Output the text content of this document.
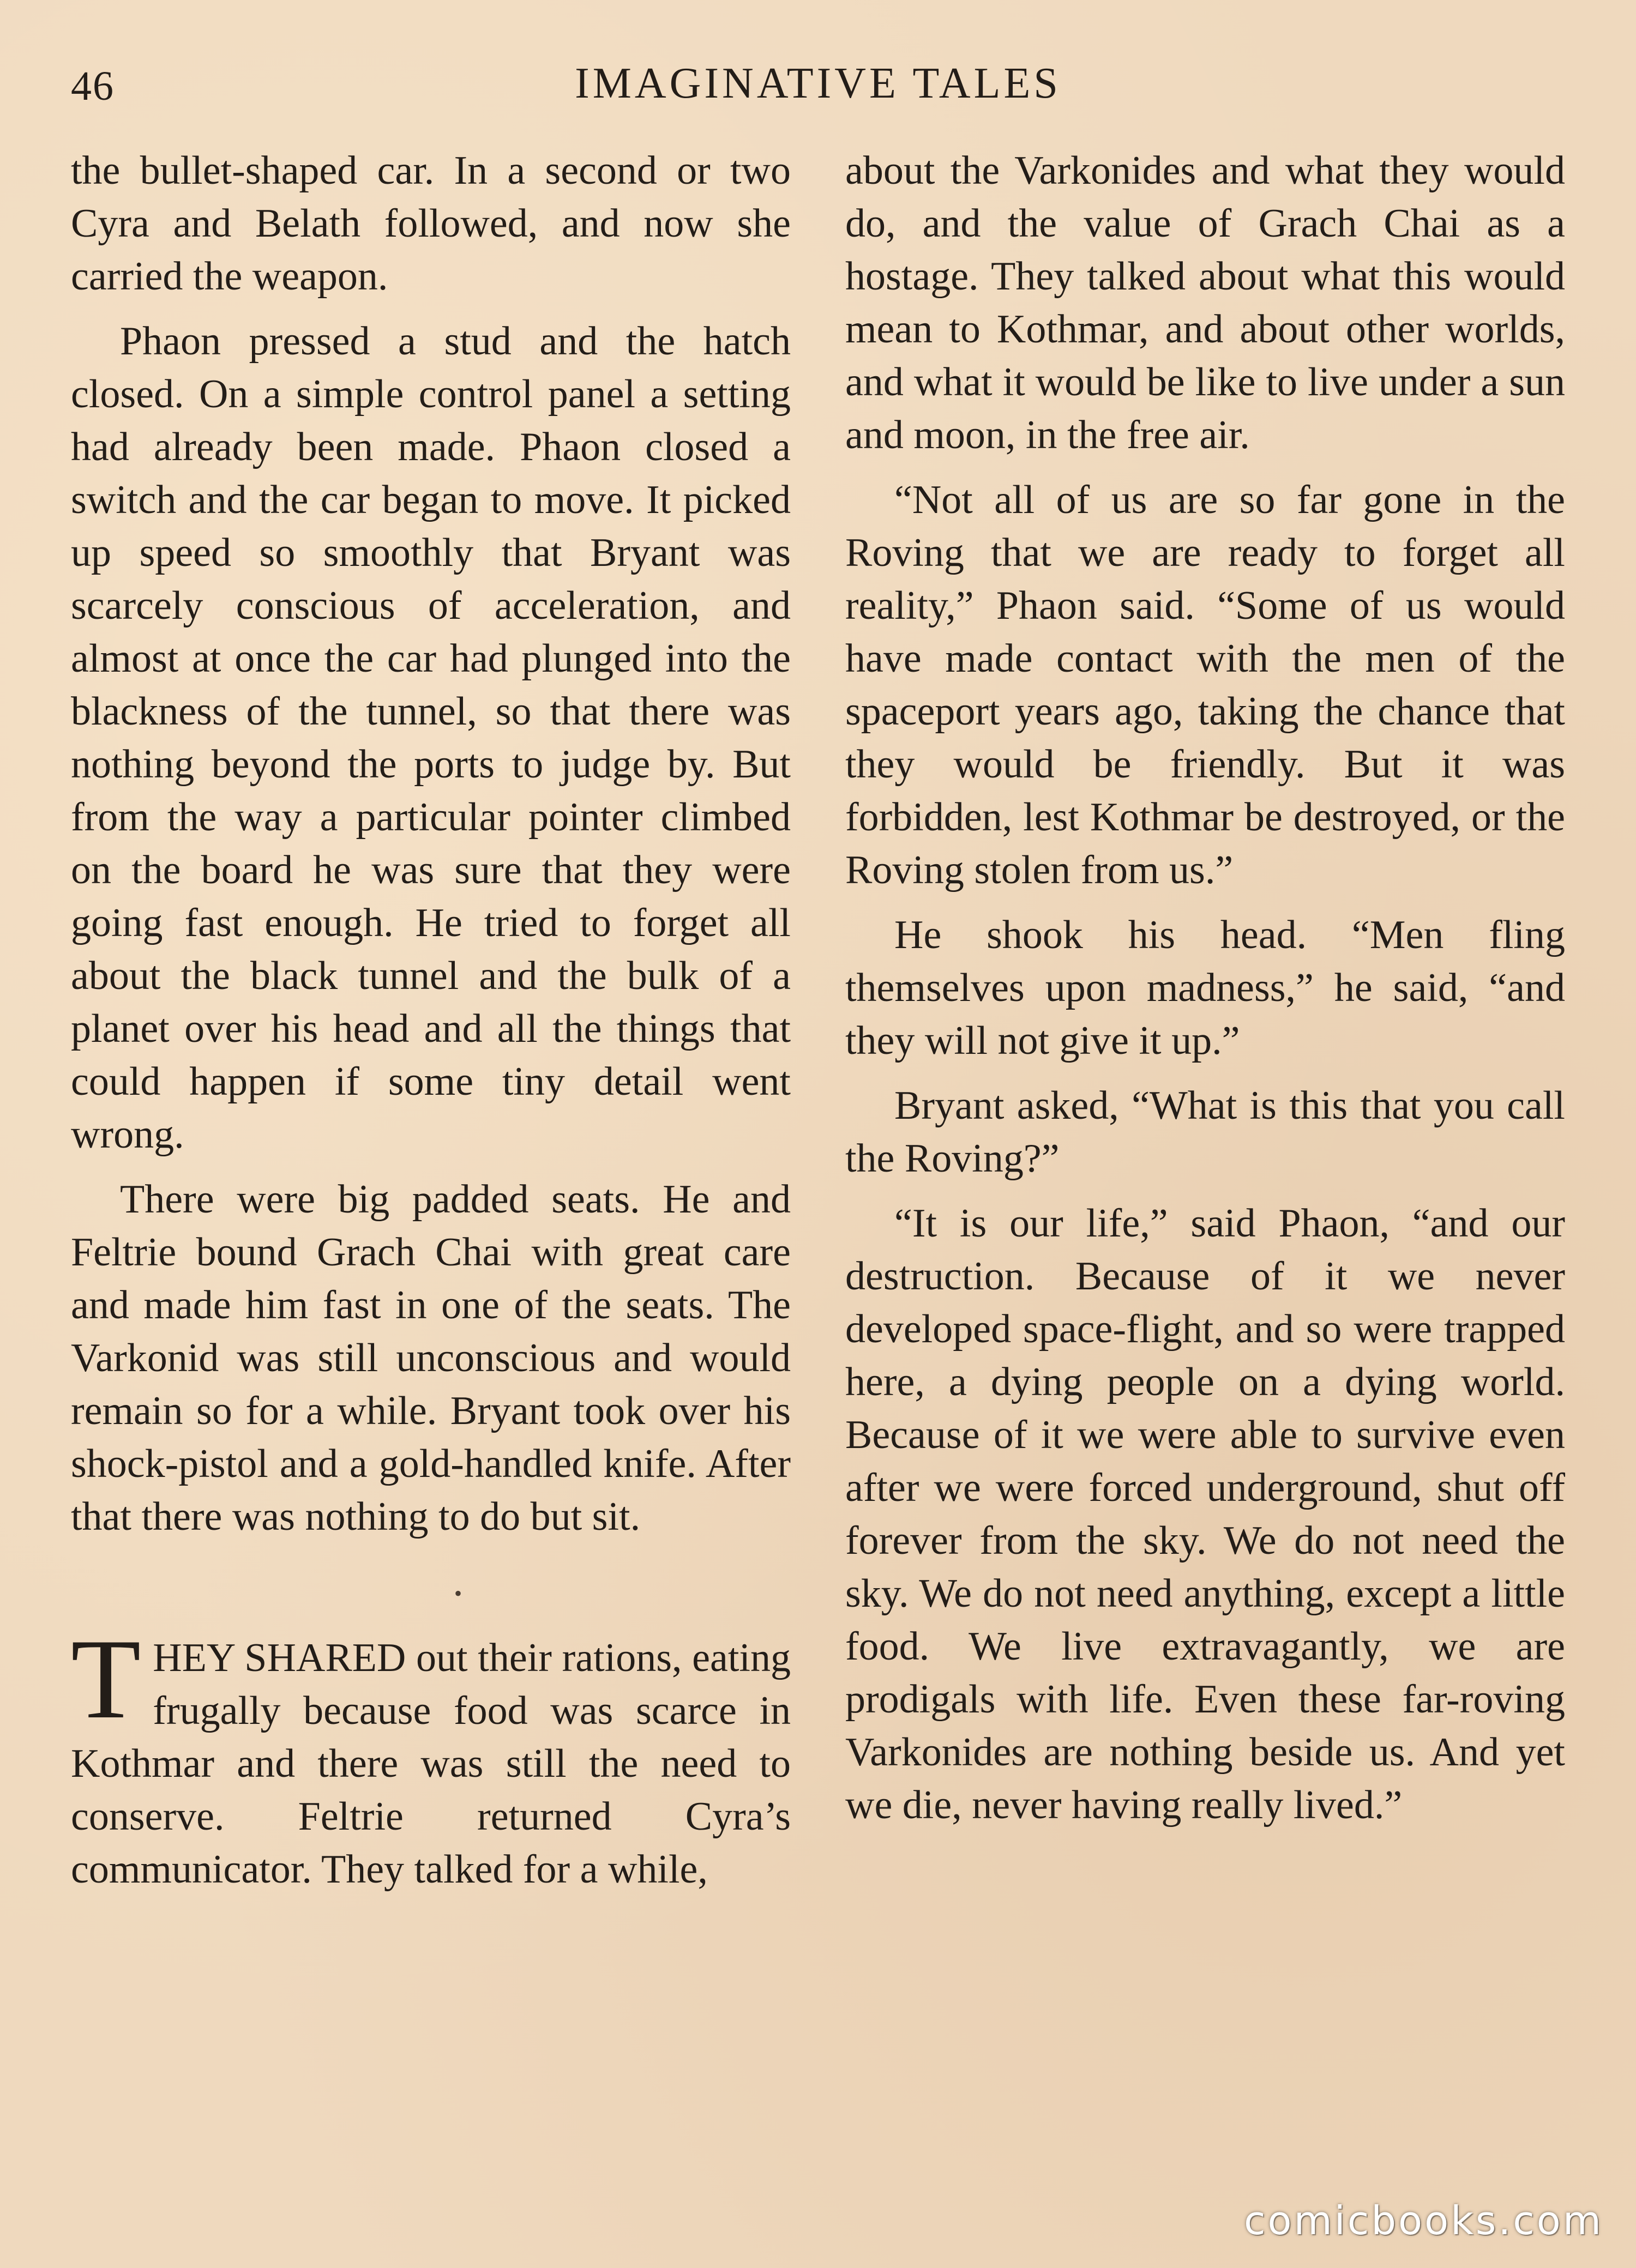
46	IMAGINATIVE TALES

the bullet-shaped car. In a second or two Cyra and Belath followed, and now she carried the weapon.

Phaon pressed a stud and the hatch closed. On a simple control panel a setting had already been made. Phaon closed a switch and the car began to move. It picked up speed so smoothly that Bryant was scarcely conscious of acceleration, and almost at once the car had plunged into the blackness of the tunnel, so that there was nothing beyond the ports to judge by. But from the way a particular pointer climbed on the board he was sure that they were going fast enough. He tried to forget all about the black tunnel and the bulk of a planet over his head and all the things that could happen if some tiny detail went wrong.

There were big padded seats. He and Feltrie bound Grach Chai with great care and made him fast in one of the seats. The Varkonid was still unconscious and would remain so for a while. Bryant took over his shock-pistol and a gold-handled knife. After that there was nothing to do but sit.

•

T HEY SHARED out their rations, eating frugally because food was scarce in Kothmar and there was still the need to conserve. Feltrie returned Cyra’s communicator. They talked for a while,

about the Varkonides and what they would do, and the value of Grach Chai as a hostage. They talked about what this would mean to Kothmar, and about other worlds, and what it would be like to live under a sun and moon, in the free air.

“Not all of us are so far gone in the Roving that we are ready to forget all reality,” Phaon said. “Some of us would have made contact with the men of the spaceport years ago, taking the chance that they would be friendly. But it was forbidden, lest Kothmar be destroyed, or the Roving stolen from us.”

He shook his head. “Men fling themselves upon madness,” he said, “and they will not give it up.”

Bryant asked, “What is this that you call the Roving?”

“It is our life,” said Phaon, “and our destruction. Because of it we never developed space-flight, and so were trapped here, a dying people on a dying world. Because of it we were able to survive even after we were forced underground, shut off forever from the sky. We do not need the sky. We do not need anything, except a little food. We live extravagantly, we are prodigals with life. Even these far-roving Varkonides are nothing beside us. And yet we die, never having really lived.”

comicbooks.com
